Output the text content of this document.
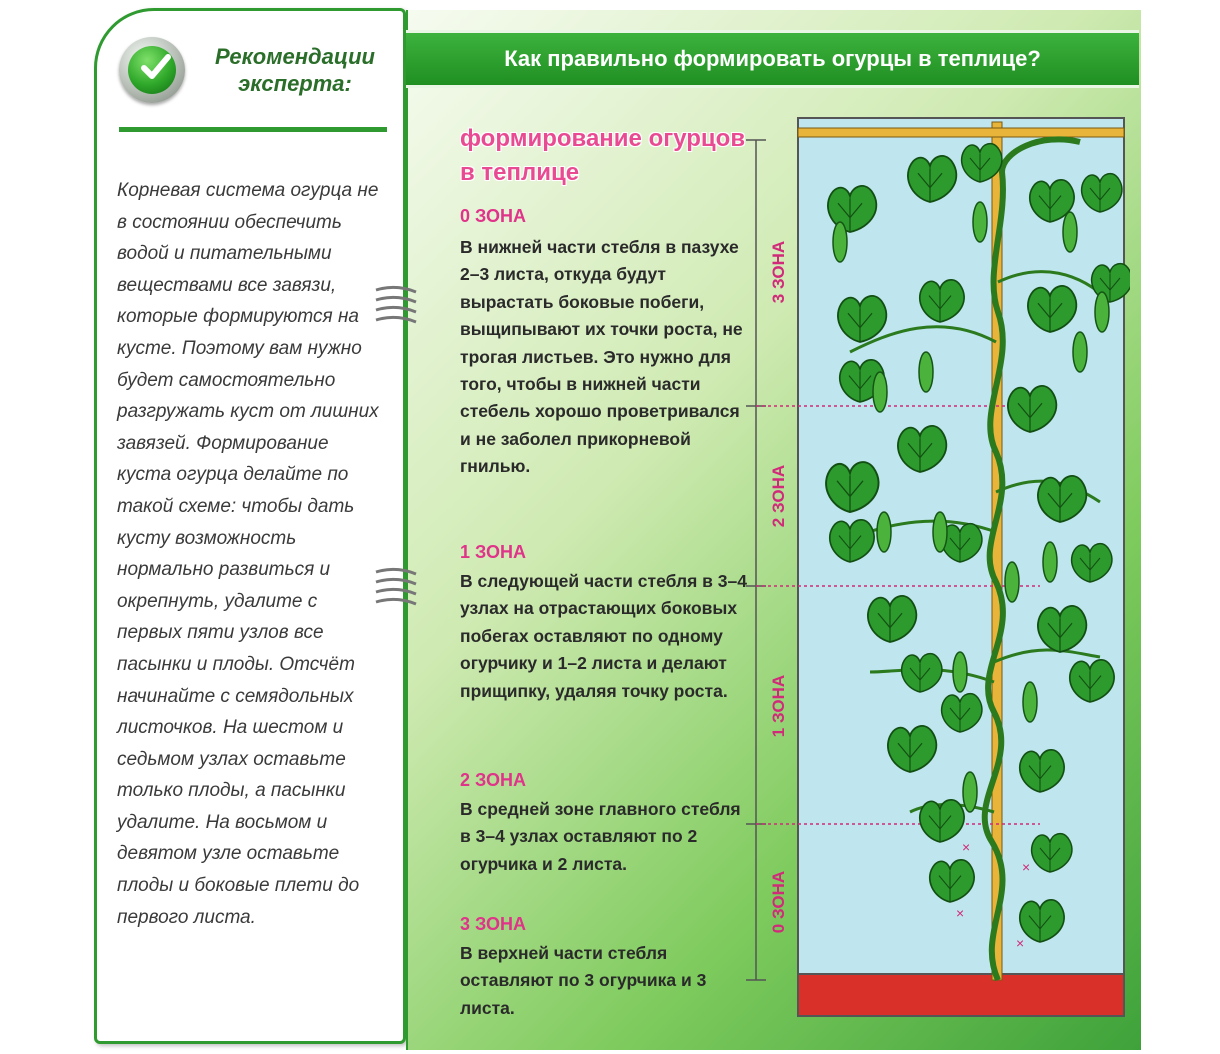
Рекомендации эксперта:

Корневая система огурца не в состоянии обеспечить водой и питательными веществами все завязи, которые формируются на кусте. Поэтому вам нужно будет самостоятельно разгружать куст от лишних завязей. Формирование куста огурца делайте по такой схеме: чтобы дать кусту возможность нормально развиться и окрепнуть, удалите с первых пяти узлов все пасынки и плоды. Отсчёт начинайте с семядольных листочков. На шестом и седьмом узлах оставьте только плоды, а пасынки удалите. На восьмом и девятом узле оставьте плоды и боковые плети до первого листа.

Как правильно формировать огурцы в теплице?
формирование огурцов в теплице
0 ЗОНА

В нижней части стебля в пазухе 2–3 листа, откуда будут вырастать боковые побеги, выщипывают их точки роста, не трогая листьев. Это нужно для того, чтобы в нижней части стебель хорошо проветривался и не заболел прикорневой гнилью.

1 ЗОНА

В следующей части стебля в 3–4 узлах на отрастающих боковых побегах оставляют по одному огурчику и 1–2 листа и делают прищипку, удаляя точку роста.

2 ЗОНА

В средней зоне главного стебля в 3–4 узлах оставляют по 2 огурчика и 2 листа.

3 ЗОНА

В верхней части стебля оставляют по 3 огурчика и 3 листа.

3 ЗОНА
2 ЗОНА
1 ЗОНА
0 ЗОНА
×
×
×
×
